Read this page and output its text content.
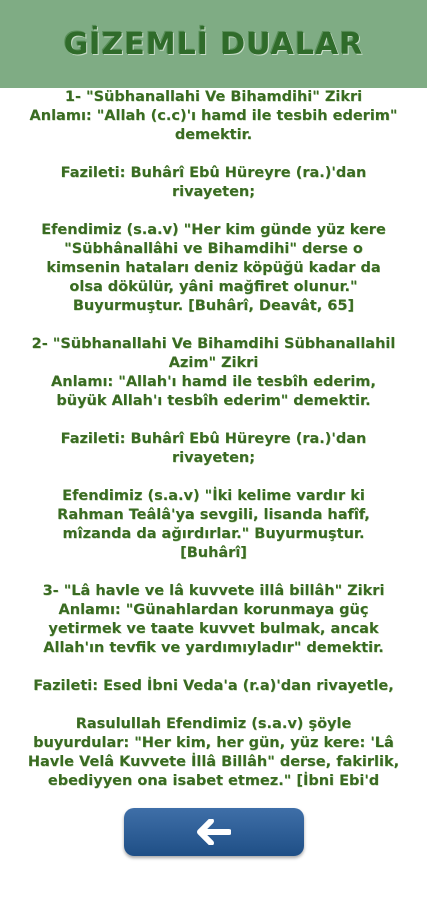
GİZEMLİ DUALAR
1- "Sübhanallahi Ve Bihamdihi" Zikri
Anlamı: "Allah (c.c)'ı hamd ile tesbih ederim"
demektir.
Fazileti: Buhârî Ebû Hüreyre (ra.)'dan
rivayeten;
Efendimiz (s.a.v) "Her kim günde yüz kere
"Sübhânallâhi ve Bihamdihi" derse o
kimsenin hataları deniz köpüğü kadar da
olsa dökülür, yâni mağfiret olunur."
Buyurmuştur. [Buhârî, Deavât, 65]
2- "Sübhanallahi Ve Bihamdihi Sübhanallahil
Azim" Zikri
Anlamı: "Allah'ı hamd ile tesbîh ederim,
büyük Allah'ı tesbîh ederim" demektir.
Fazileti: Buhârî Ebû Hüreyre (ra.)'dan
rivayeten;
Efendimiz (s.a.v) "İki kelime vardır ki
Rahman Teâlâ'ya sevgili, lisanda hafîf,
mîzanda da ağırdırlar." Buyurmuştur.
[Buhârî]
3- "Lâ havle ve lâ kuvvete illâ billâh" Zikri
Anlamı: "Günahlardan korunmaya güç
yetirmek ve taate kuvvet bulmak, ancak
Allah'ın tevfik ve yardımıyladır" demektir.
Fazileti: Esed İbni Veda'a (r.a)'dan rivayetle,
Rasulullah Efendimiz (s.a.v) şöyle
buyurdular: "Her kim, her gün, yüz kere: 'Lâ
Havle Velâ Kuvvete İllâ Billâh" derse, fakirlik,
ebediyyen ona isabet etmez." [İbni Ebi'd
